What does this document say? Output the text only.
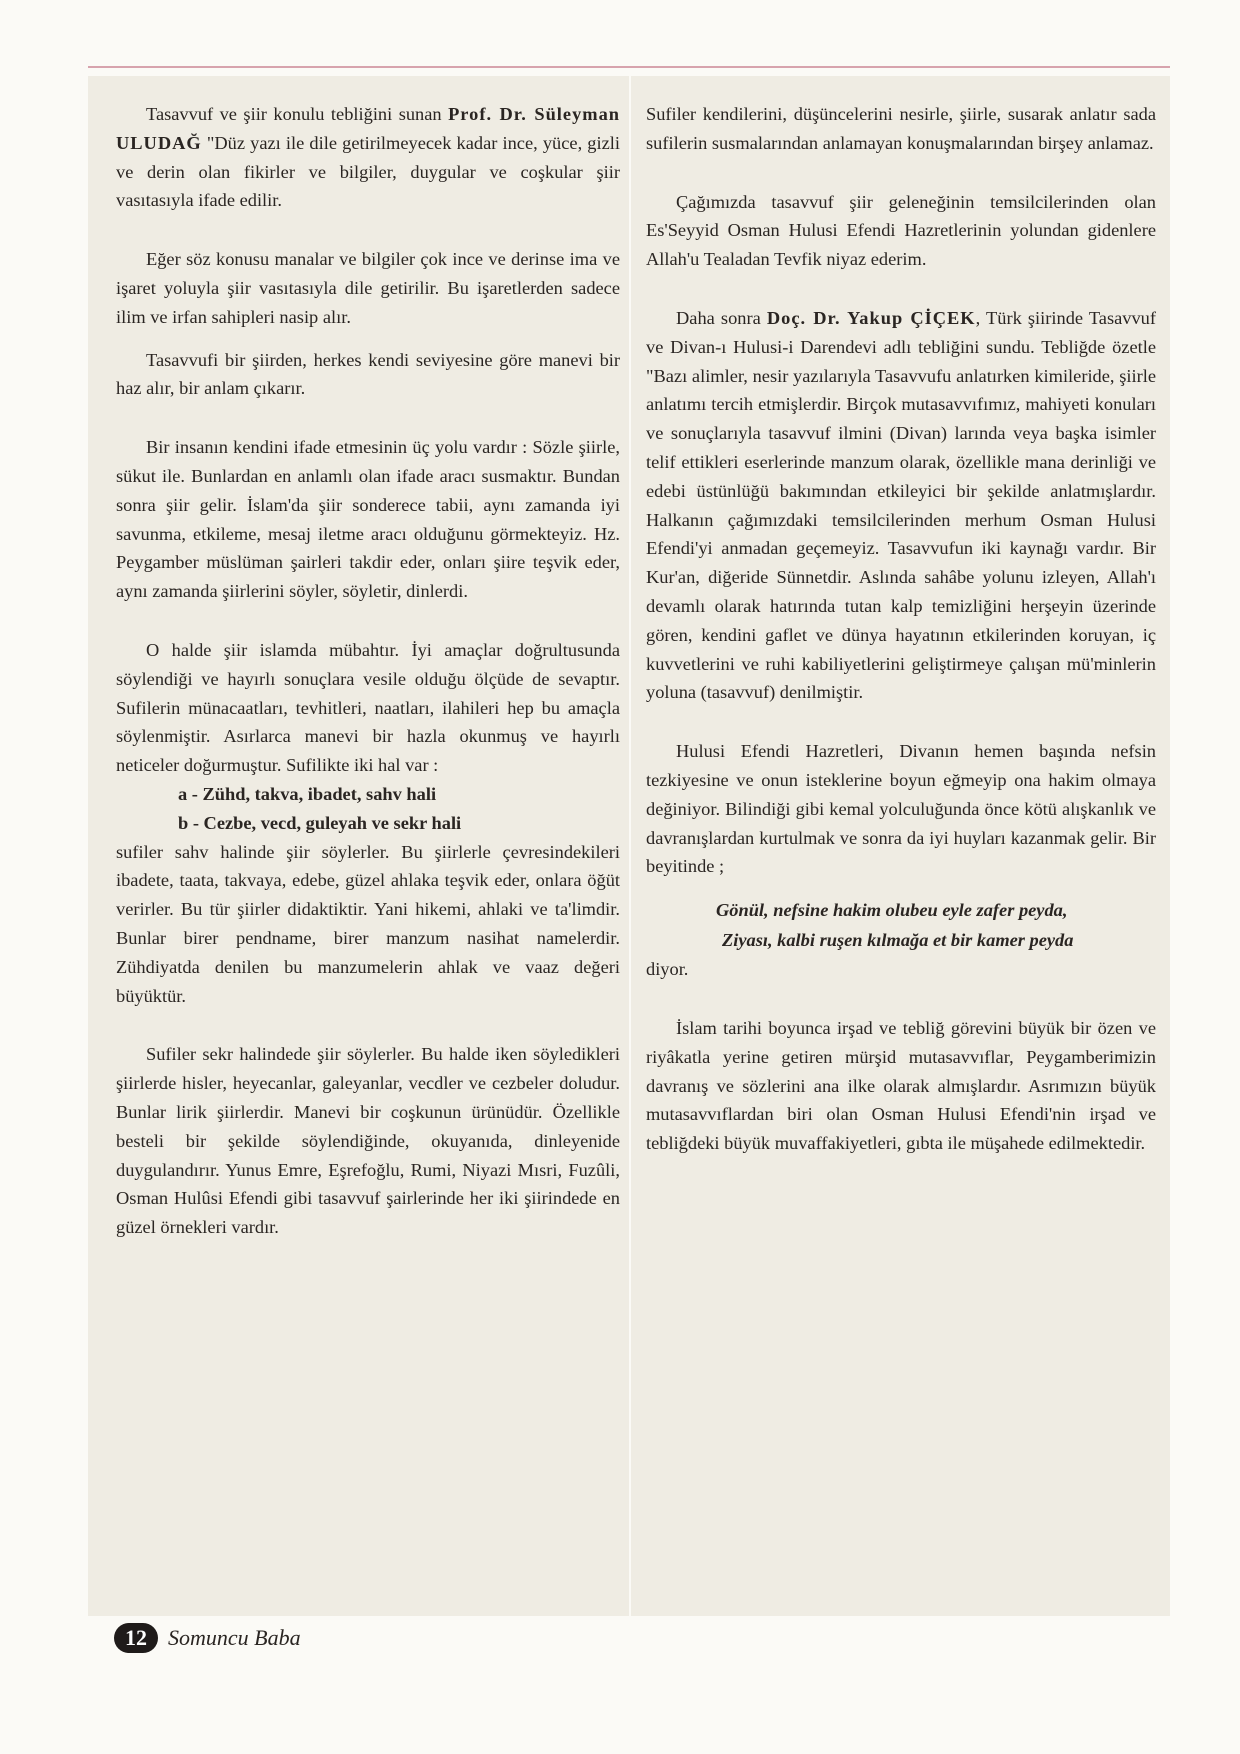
Tasavvuf ve şiir konulu tebliğini sunan Prof. Dr. Süleyman ULUDAĞ "Düz yazı ile dile getirilmeyecek kadar ince, yüce, gizli ve derin olan fikirler ve bilgiler, duygular ve coşkular şiir vasıtasıyla ifade edilir.

Eğer söz konusu manalar ve bilgiler çok ince ve derinse ima ve işaret yoluyla şiir vasıtasıyla dile getirilir. Bu işaretlerden sadece ilim ve irfan sahipleri nasip alır.

Tasavvufi bir şiirden, herkes kendi seviyesine göre manevi bir haz alır, bir anlam çıkarır.

Bir insanın kendini ifade etmesinin üç yolu vardır : Sözle şiirle, sükut ile. Bunlardan en anlamlı olan ifade aracı susmaktır. Bundan sonra şiir gelir. İslam'da şiir sonderece tabii, aynı zamanda iyi savunma, etkileme, mesaj iletme aracı olduğunu görmekteyiz. Hz. Peygamber müslüman şairleri takdir eder, onları şiire teşvik eder, aynı zamanda şiirlerini söyler, söyletir, dinlerdi.

O halde şiir islamda mübahtır. İyi amaçlar doğrultusunda söylendiği ve hayırlı sonuçlara vesile olduğu ölçüde de sevaptır. Sufilerin münacaatları, tevhitleri, naatları, ilahileri hep bu amaçla söylenmiştir. Asırlarca manevi bir hazla okunmuş ve hayırlı neticeler doğurmuştur. Sufilikte iki hal var :

a - Zühd, takva, ibadet, sahv hali

b - Cezbe, vecd, guleyah ve sekr hali

sufiler sahv halinde şiir söylerler. Bu şiirlerle çevresindekileri ibadete, taata, takvaya, edebe, güzel ahlaka teşvik eder, onlara öğüt verirler. Bu tür şiirler didaktiktir. Yani hikemi, ahlaki ve ta'limdir. Bunlar birer pendname, birer manzum nasihat namelerdir. Zühdiyatda denilen bu manzumelerin ahlak ve vaaz değeri büyüktür.

Sufiler sekr halindede şiir söylerler. Bu halde iken söyledikleri şiirlerde hisler, heyecanlar, galeyanlar, vecdler ve cezbeler doludur. Bunlar lirik şiirlerdir. Manevi bir coşkunun ürünüdür. Özellikle besteli bir şekilde söylendiğinde, okuyanıda, dinleyenide duygulandırır. Yunus Emre, Eşrefoğlu, Rumi, Niyazi Mısri, Fuzûli, Osman Hulûsi Efendi gibi tasavvuf şairlerinde her iki şiirindede en güzel örnekleri vardır.

Sufiler kendilerini, düşüncelerini nesirle, şiirle, susarak anlatır sada sufilerin susmalarından anlamayan konuşmalarından birşey anlamaz.

Çağımızda tasavvuf şiir geleneğinin temsilcilerinden olan Es'Seyyid Osman Hulusi Efendi Hazretlerinin yolundan gidenlere Allah'u Tealadan Tevfik niyaz ederim.

Daha sonra Doç. Dr. Yakup ÇİÇEK, Türk şiirinde Tasavvuf ve Divan-ı Hulusi-i Darendevi adlı tebliğini sundu. Tebliğde özetle "Bazı alimler, nesir yazılarıyla Tasavvufu anlatırken kimileride, şiirle anlatımı tercih etmişlerdir. Birçok mutasavvıfımız, mahiyeti konuları ve sonuçlarıyla tasavvuf ilmini (Divan) larında veya başka isimler telif ettikleri eserlerinde manzum olarak, özellikle mana derinliği ve edebi üstünlüğü bakımından etkileyici bir şekilde anlatmışlardır. Halkanın çağımızdaki temsilcilerinden merhum Osman Hulusi Efendi'yi anmadan geçemeyiz. Tasavvufun iki kaynağı vardır. Bir Kur'an, diğeride Sünnetdir. Aslında sahâbe yolunu izleyen, Allah'ı devamlı olarak hatırında tutan kalp temizliğini herşeyin üzerinde gören, kendini gaflet ve dünya hayatının etkilerinden koruyan, iç kuvvetlerini ve ruhi kabiliyetlerini geliştirmeye çalışan mü'minlerin yoluna (tasavvuf) denilmiştir.

Hulusi Efendi Hazretleri, Divanın hemen başında nefsin tezkiyesine ve onun isteklerine boyun eğmeyip ona hakim olmaya değiniyor. Bilindiği gibi kemal yolculuğunda önce kötü alışkanlık ve davranışlardan kurtulmak ve sonra da iyi huyları kazanmak gelir. Bir beyitinde ;

Gönül, nefsine hakim olubeu eyle zafer peyda,

Ziyası, kalbi ruşen kılmağa et bir kamer peyda

diyor.

İslam tarihi boyunca irşad ve tebliğ görevini büyük bir özen ve riyâkatla yerine getiren mürşid mutasavvıflar, Peygamberimizin davranış ve sözlerini ana ilke olarak almışlardır. Asrımızın büyük mutasavvıflardan biri olan Osman Hulusi Efendi'nin irşad ve tebliğdeki büyük muvaffakiyetleri, gıbta ile müşahede edilmektedir.

12 Somuncu Baba
